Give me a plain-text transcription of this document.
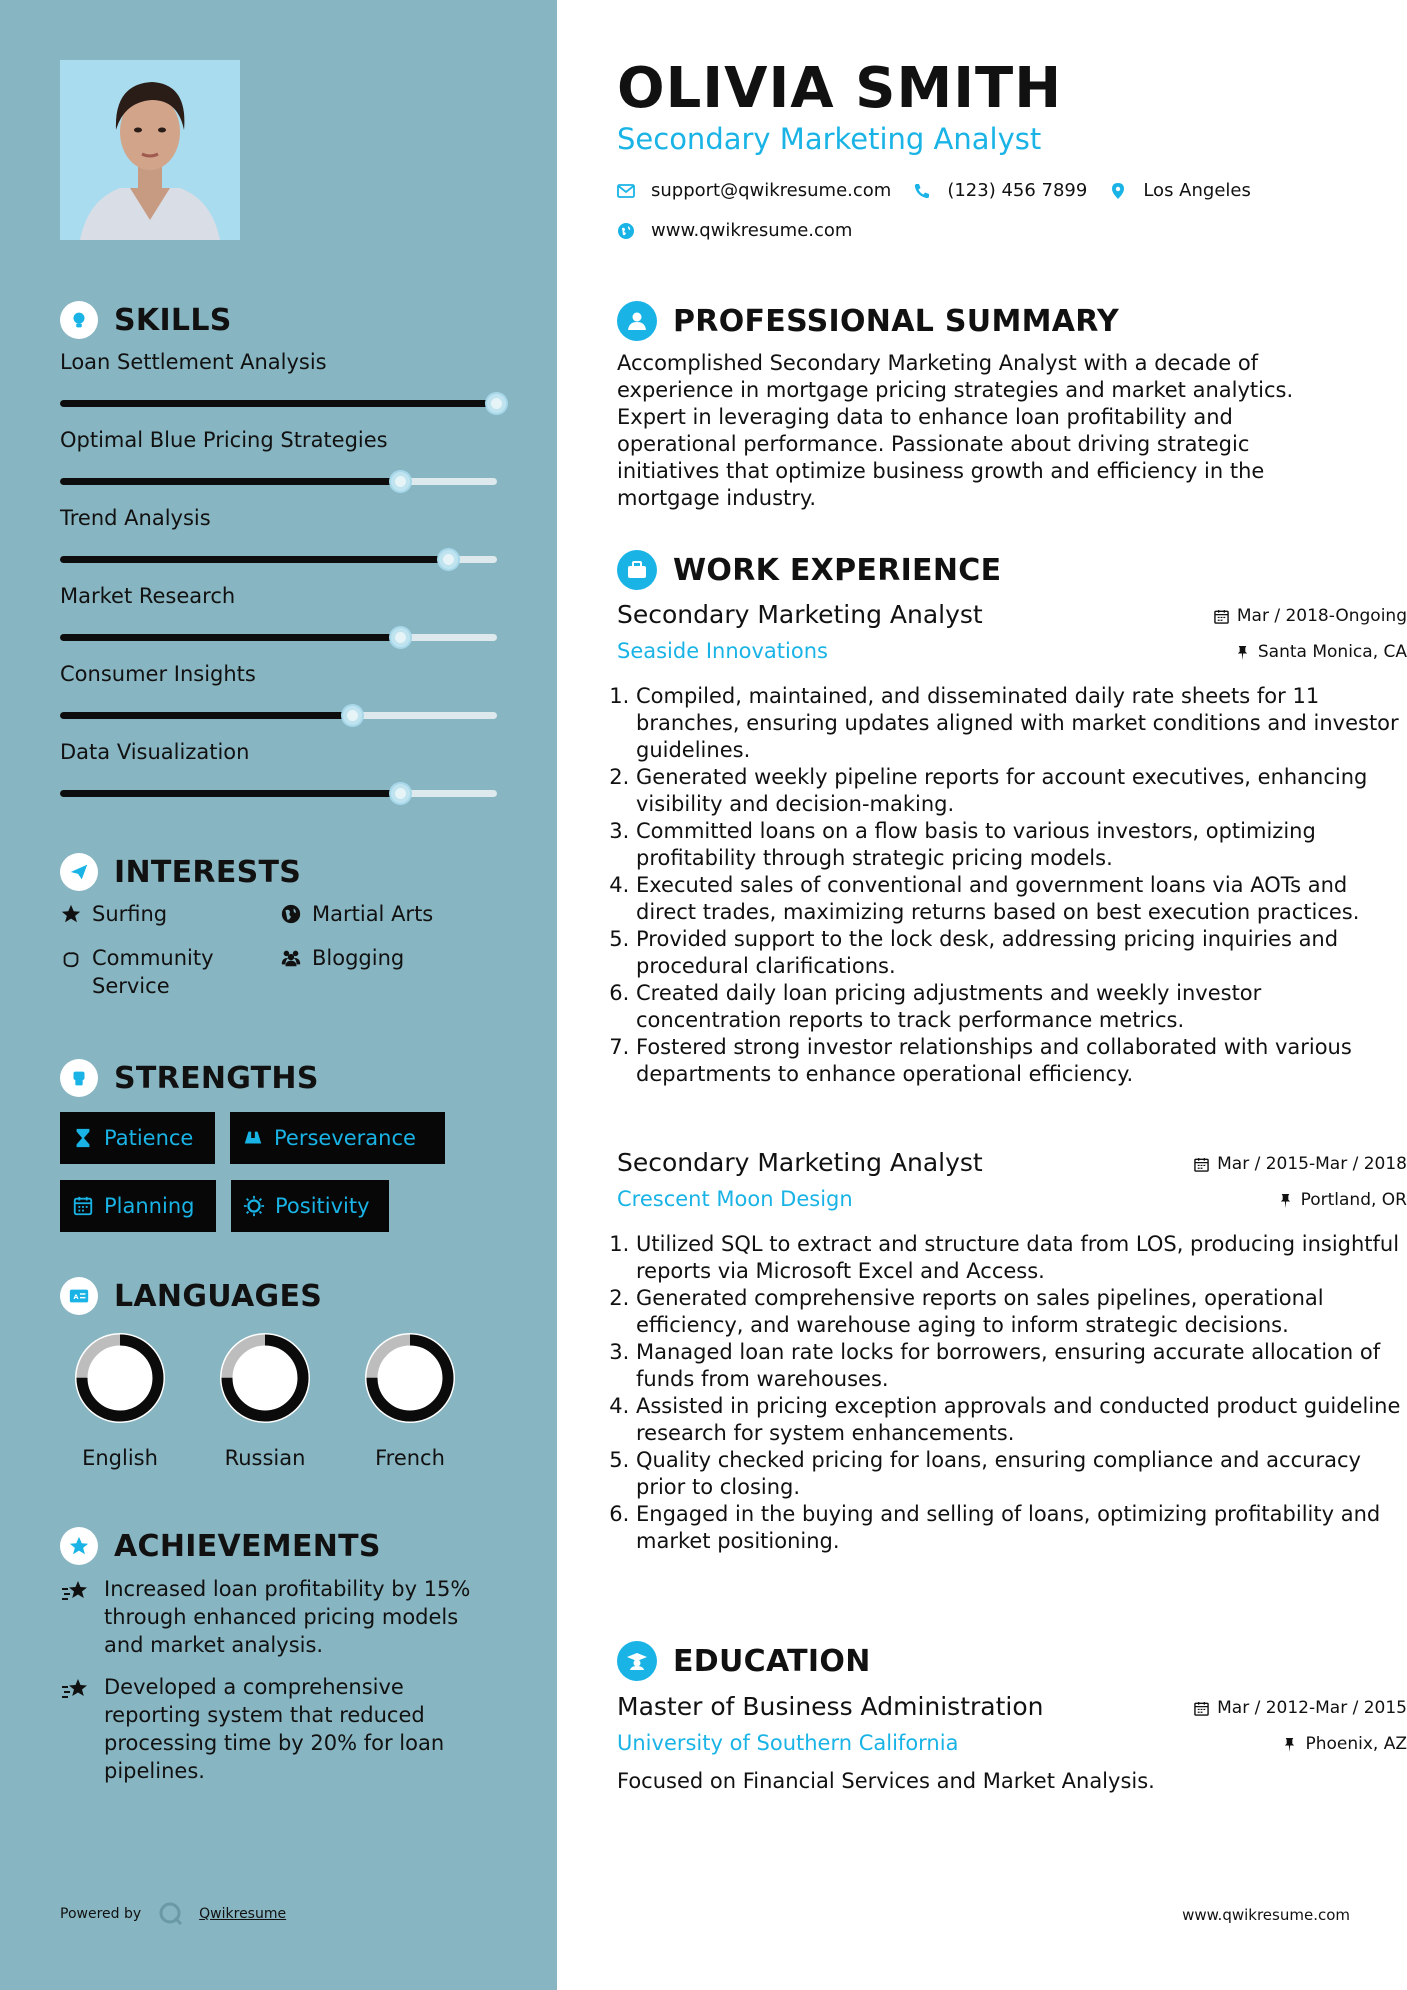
SKILLS
Loan Settlement Analysis
Optimal Blue Pricing Strategies
Trend Analysis
Market Research
Consumer Insights
Data Visualization
INTERESTS
Surfing	Martial Arts
Community Service
Blogging
STRENGTHS
Patience	Perseverance
Planning	Positivity
A LANGUAGES
English	Russian	French
ACHIEVEMENTS
Increased loan profitability by 15% through enhanced pricing models and market analysis.
Developed a comprehensive reporting system that reduced processing time by 20% for loan pipelines.
Powered by	Qwikresume
OLIVIA SMITH
Secondary Marketing Analyst
support@qwikresume.com	(123) 456 7899	Los Angeles
www.qwikresume.com
PROFESSIONAL SUMMARY
Accomplished Secondary Marketing Analyst with a decade of experience in mortgage pricing strategies and market analytics. Expert in leveraging data to enhance loan profitability and operational performance. Passionate about driving strategic initiatives that optimize business growth and efficiency in the mortgage industry.
WORK EXPERIENCE
Secondary Marketing Analyst
Seaside Innovations
Mar / 2018-Ongoing
Santa Monica, CA
1. Compiled, maintained, and disseminated daily rate sheets for 11 branches, ensuring updates aligned with market conditions and investor guidelines.
2. Generated weekly pipeline reports for account executives, enhancing visibility and decision-making.
3. Committed loans on a flow basis to various investors, optimizing profitability through strategic pricing models.
4. Executed sales of conventional and government loans via AOTs and direct trades, maximizing returns based on best execution practices.
5. Provided support to the lock desk, addressing pricing inquiries and procedural clarifications.
6. Created daily loan pricing adjustments and weekly investor concentration reports to track performance metrics.
7. Fostered strong investor relationships and collaborated with various departments to enhance operational efficiency.
Secondary Marketing Analyst
Crescent Moon Design
Mar / 2015-Mar / 2018
Portland, OR
1. Utilized SQL to extract and structure data from LOS, producing insightful reports via Microsoft Excel and Access.
2. Generated comprehensive reports on sales pipelines, operational efficiency, and warehouse aging to inform strategic decisions.
3. Managed loan rate locks for borrowers, ensuring accurate allocation of funds from warehouses.
4. Assisted in pricing exception approvals and conducted product guideline research for system enhancements.
5. Quality checked pricing for loans, ensuring compliance and accuracy prior to closing.
6. Engaged in the buying and selling of loans, optimizing profitability and market positioning.
EDUCATION
Master of Business Administration
University of Southern California
Mar / 2012-Mar / 2015
Phoenix, AZ
Focused on Financial Services and Market Analysis.
www.qwikresume.com
